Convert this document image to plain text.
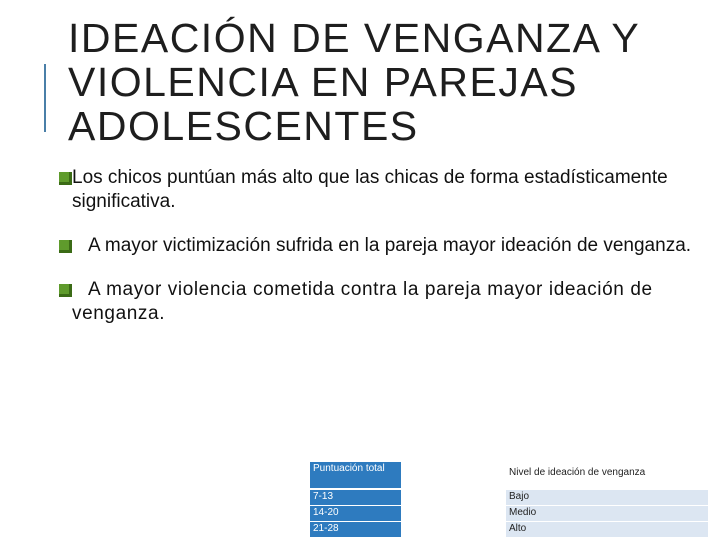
IDEACIÓN DE VENGANZA Y VIOLENCIA EN PAREJAS ADOLESCENTES
Los chicos puntúan más alto que las chicas de forma estadísticamente significativa.
A mayor victimización sufrida en la pareja mayor ideación de venganza.
A mayor violencia cometida contra la pareja mayor ideación de venganza.
Puntuación total		Nivel de ideación de venganza
7-13		Bajo
14-20		Medio
21-28		Alto
